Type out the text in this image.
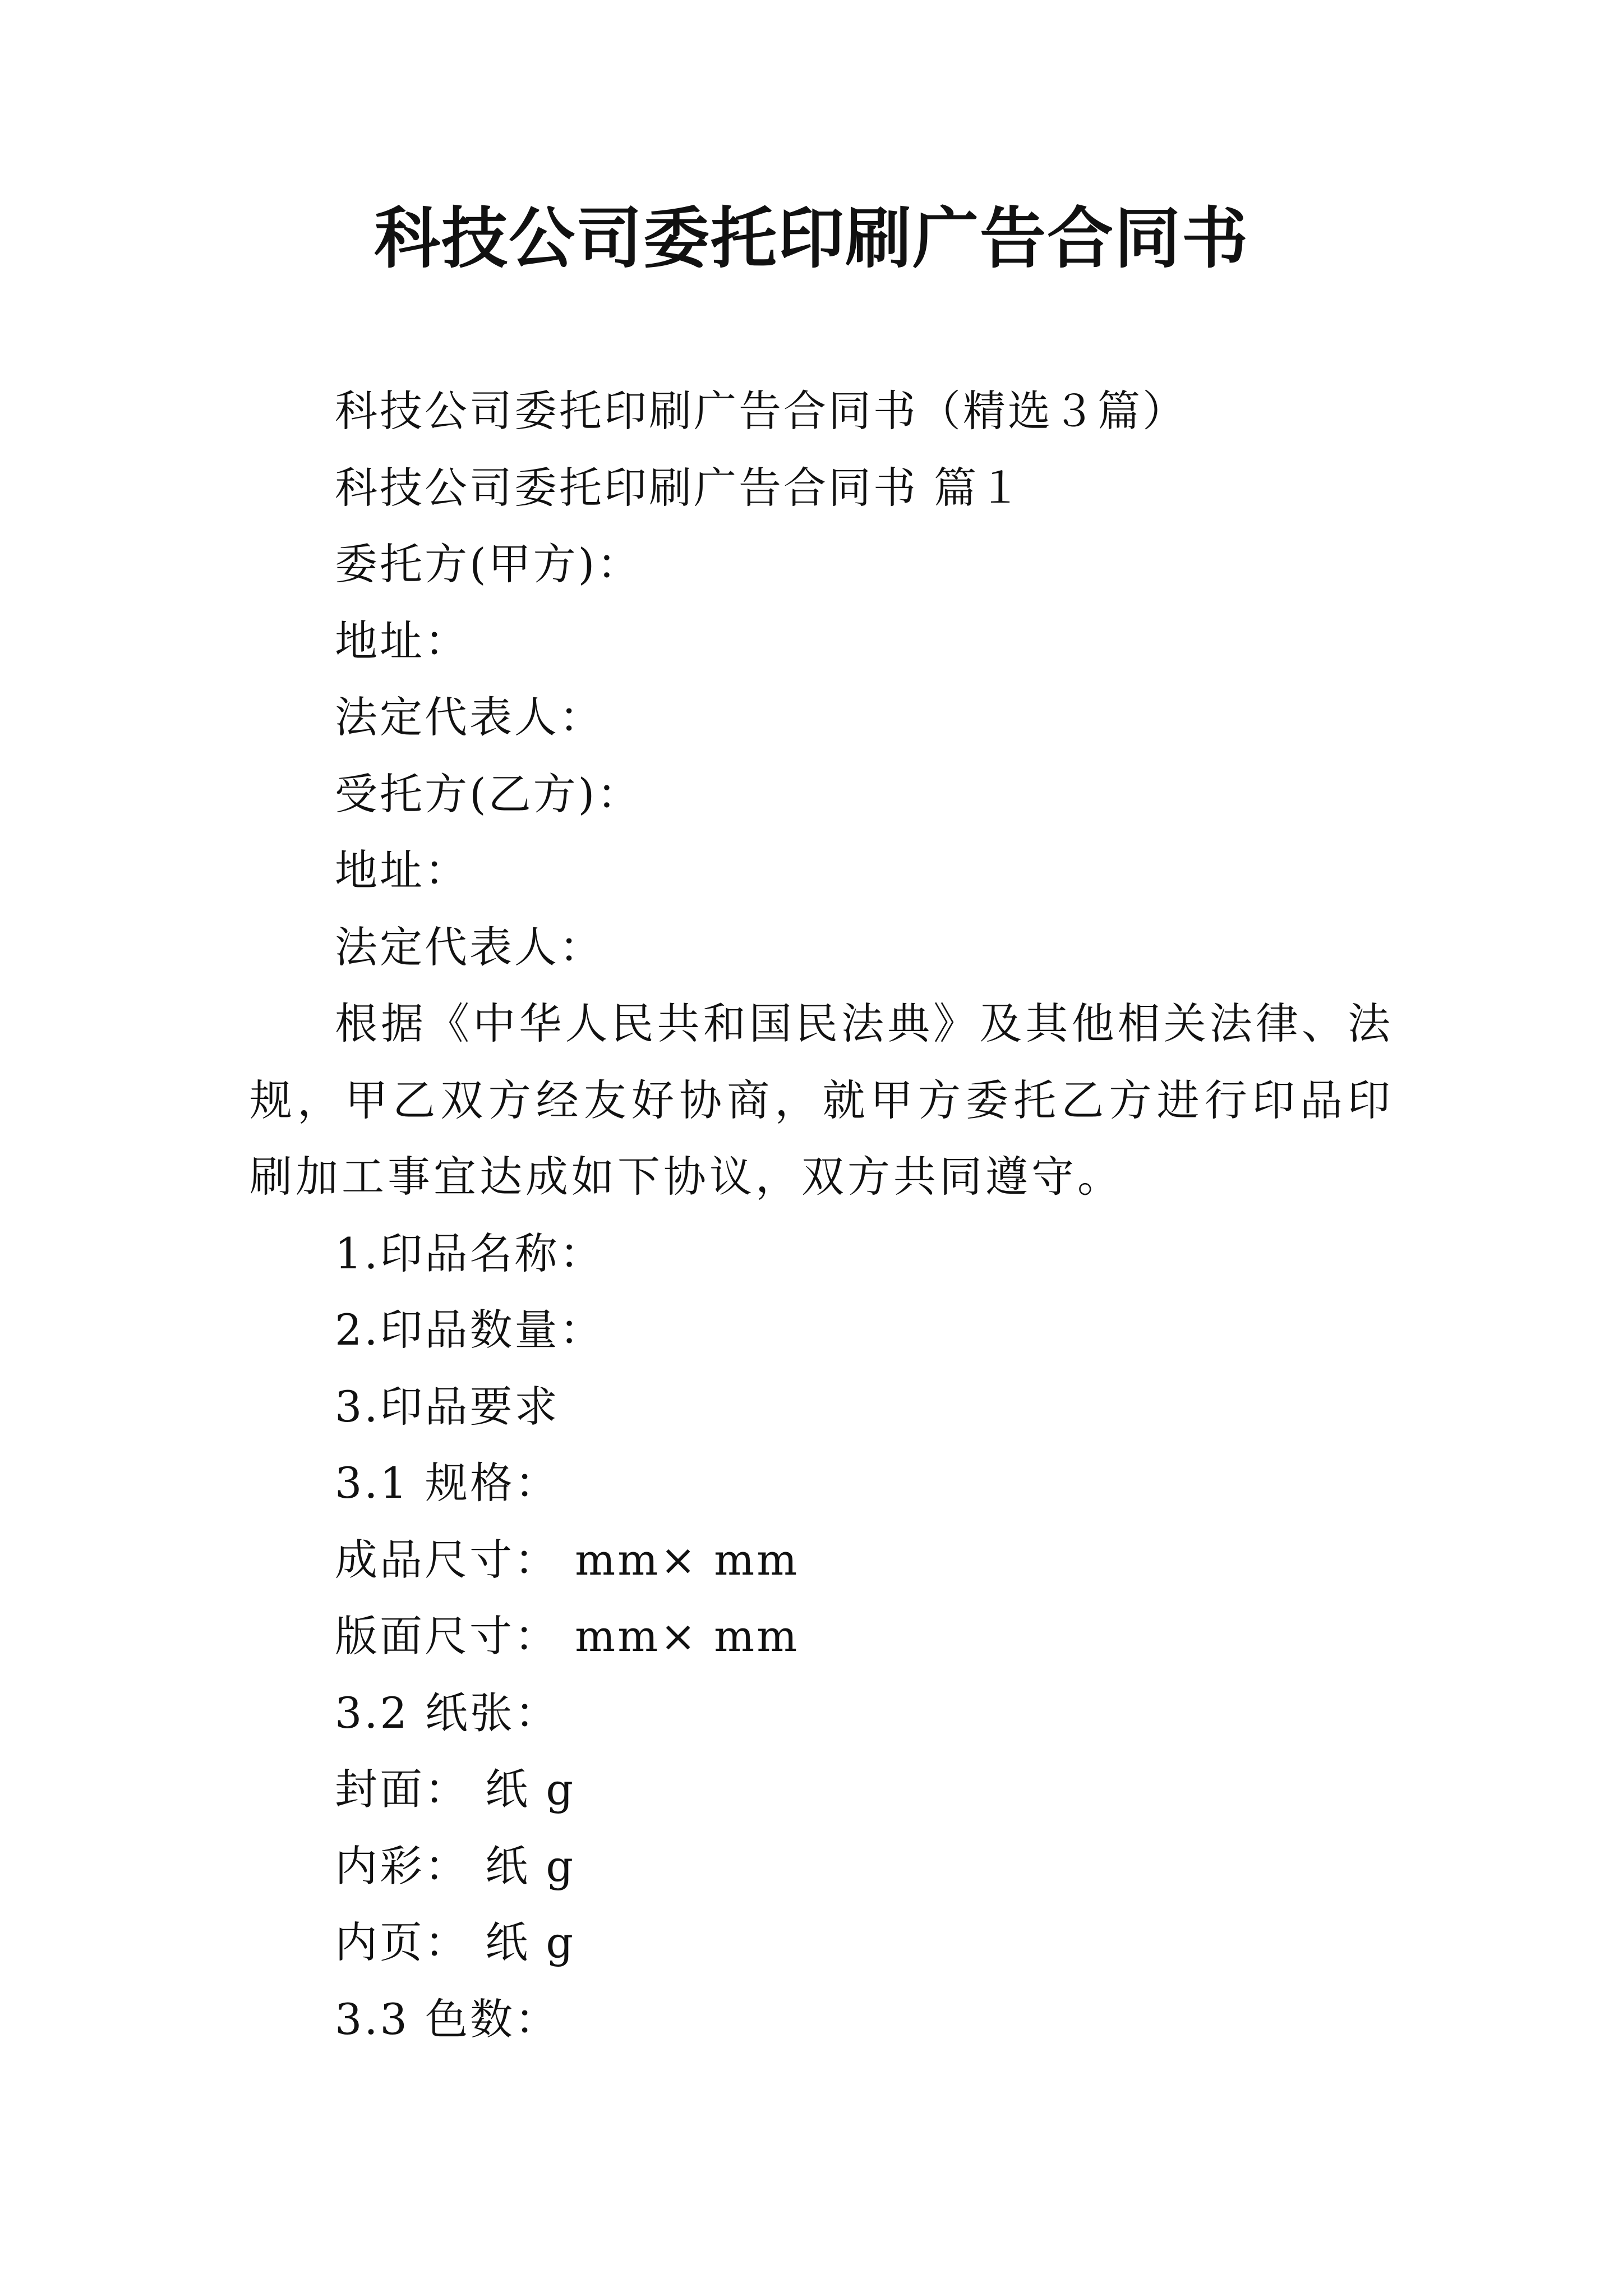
科技公司委托印刷广告合同书
科技公司委托印刷广告合同书（精选３篇）
科技公司委托印刷广告合同书 篇１
委托方(甲方)：
地址：
法定代表人：
受托方(乙方)：
地址：
法定代表人：
根据《中华人民共和国民法典》及其他相关法律、法规，甲乙双方经友好协商，就甲方委托乙方进行印品印刷加工事宜达成如下协议，双方共同遵守。
1.印品名称：
2.印品数量：
3.印品要求
3.1 规格：
成品尺寸： mm× mm
版面尺寸： mm× mm
3.2 纸张：
封面： 纸 g
内彩： 纸 g
内页： 纸 g
3.3 色数：
